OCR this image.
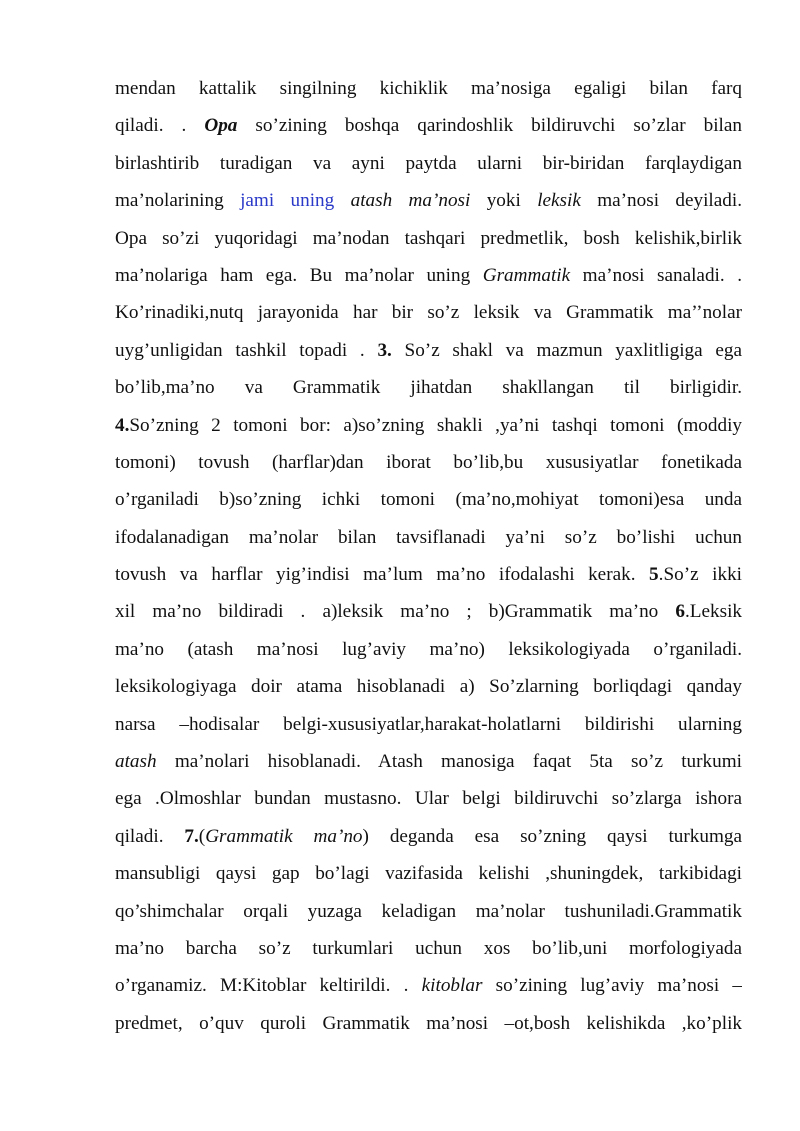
mendan kattalik singilning kichiklik ma’nosiga egaligi bilan farq
qiladi. . Opa so’zining boshqa qarindoshlik bildiruvchi so’zlar bilan
birlashtirib turadigan va ayni paytda ularni bir-biridan farqlaydigan
ma’nolarining jami uning atash ma’nosi yoki leksik ma’nosi deyiladi.
Opa so’zi yuqoridagi ma’nodan tashqari predmetlik, bosh kelishik,birlik
ma’nolariga ham ega. Bu ma’nolar uning Grammatik ma’nosi sanaladi. .
Ko’rinadiki,nutq jarayonida har bir so’z leksik va Grammatik ma’’nolar
uyg’unligidan tashkil topadi . 3. So’z shakl va mazmun yaxlitligiga ega
bo’lib,ma’no va Grammatik jihatdan shakllangan til birligidir.
4.So’zning 2 tomoni bor: a)so’zning shakli ,ya’ni tashqi tomoni (moddiy
tomoni) tovush (harflar)dan iborat bo’lib,bu xususiyatlar fonetikada
o’rganiladi b)so’zning ichki tomoni (ma’no,mohiyat tomoni)esa unda
ifodalanadigan ma’nolar bilan tavsiflanadi ya’ni so’z bo’lishi uchun
tovush va harflar yig’indisi ma’lum ma’no ifodalashi kerak. 5.So’z ikki
xil ma’no bildiradi . a)leksik ma’no ; b)Grammatik ma’no 6.Leksik
ma’no (atash ma’nosi lug’aviy ma’no) leksikologiyada o’rganiladi.
leksikologiyaga doir atama hisoblanadi a) So’zlarning borliqdagi qanday
narsa –hodisalar belgi-xususiyatlar,harakat-holatlarni bildirishi ularning
atash ma’nolari hisoblanadi. Atash manosiga faqat 5ta so’z turkumi
ega .Olmoshlar bundan mustasno. Ular belgi bildiruvchi so’zlarga ishora
qiladi. 7.(Grammatik ma’no) deganda esa so’zning qaysi turkumga
mansubligi qaysi gap bo’lagi vazifasida kelishi ,shuningdek, tarkibidagi
qo’shimchalar orqali yuzaga keladigan ma’nolar tushuniladi.Grammatik
ma’no barcha so’z turkumlari uchun xos bo’lib,uni morfologiyada
o’rganamiz. M:Kitoblar keltirildi. . kitoblar so’zining lug’aviy ma’nosi –
predmet, o’quv quroli Grammatik ma’nosi –ot,bosh kelishikda ,ko’plik
